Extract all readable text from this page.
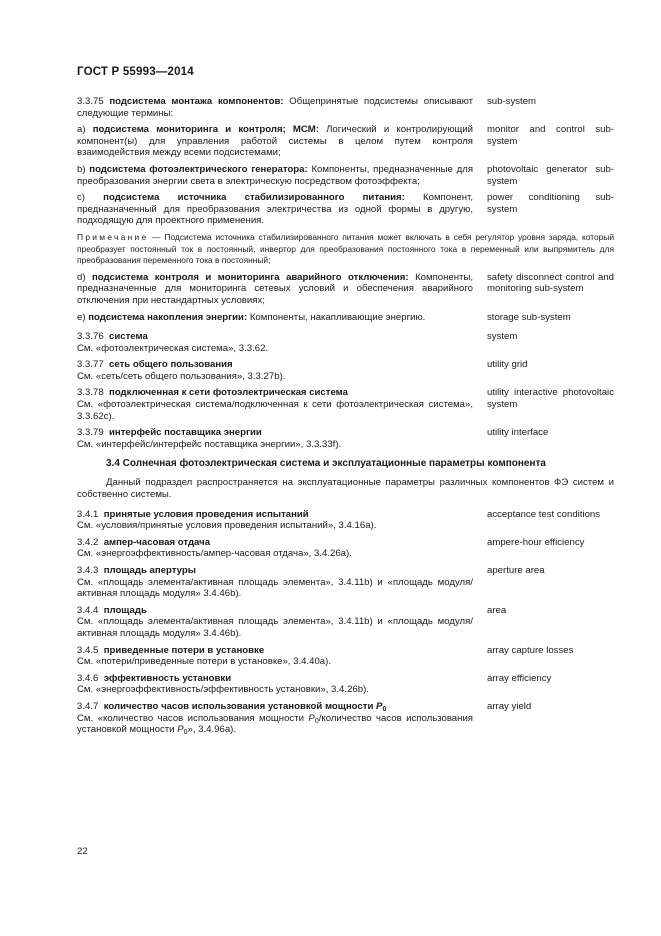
ГОСТ Р 55993—2014
3.3.75 подсистема монтажа компонентов: Общепринятые подсистемы описывают следующие термины:
sub-system
a) подсистема мониторинга и контроля; МСМ: Логический и контролирующий компонент(ы) для управления работой системы в целом путем контроля взаимодействия между всеми подсистемами;
monitor and control sub-system
b) подсистема фотоэлектрического генератора: Компоненты, предназначенные для преобразования энергии света в электрическую посредством фотоэффекта;
photovoltaic generator sub-system
c) подсистема источника стабилизированного питания: Компонент, предназначенный для преобразования электричества из одной формы в другую, подходящую для проектного применения.
power conditioning sub-system
Примечание — Подсистема источника стабилизированного питания может включать в себя регулятор уровня заряда, который преобразует постоянный ток в постоянный, инвертор для преобразования постоянного тока в переменный или выпрямитель для преобразования переменного тока в постоянный;
d) подсистема контроля и мониторинга аварийного отключения: Компоненты, предназначенные для мониторинга сетевых условий и обеспечения аварийного отключения при нестандартных условиях;
safety disconnect control and monitoring sub-system
e) подсистема накопления энергии: Компоненты, накапливающие энергию.	storage sub-system
3.3.76 система
См. «фотоэлектрическая система», 3.3.62.
system
3.3.77 сеть общего пользования
См. «сеть/сеть общего пользования», 3.3.27b).
utility grid
3.3.78 подключенная к сети фотоэлектрическая система
См. «фотоэлектрическая система/подключенная к сети фотоэлектрическая система», 3.3.62c).
utility interactive photovoltaic system
3.3.79 интерфейс поставщика энергии
См. «интерфейс/интерфейс поставщика энергии», 3.3.33f).
utility interface
3.4 Солнечная фотоэлектрическая система и эксплуатационные параметры компонента
Данный подраздел распространяется на эксплуатационные параметры различных компонентов ФЭ систем и собственно системы.
3.4.1 принятые условия проведения испытаний
См. «условия/принятые условия проведения испытаний», 3.4.16a).
acceptance test conditions
3.4.2 ампер-часовая отдача
См. «энергоэффективность/ампер-часовая отдача», 3.4.26a).
ampere-hour efficiency
3.4.3 площадь апертуры
См. «площадь элемента/активная площадь элемента», 3.4.11b) и «площадь модуля/активная площадь модуля» 3.4.46b).
aperture area
3.4.4 площадь
См. «площадь элемента/активная площадь элемента», 3.4.11b) и «площадь модуля/активная площадь модуля» 3.4.46b).
area
3.4.5 приведенные потери в установке
См. «потери/приведенные потери в установке», 3.4.40a).
array capture losses
3.4.6 эффективность установки
См. «энергоэффективность/эффективность установки», 3.4.26b).
array efficiency
3.4.7 количество часов использования установкой мощности $P_0$
См. «количество часов использования мощности $P_0$/количество часов использования установкой мощности $P_0$», 3.4.96a).
array yield
22
